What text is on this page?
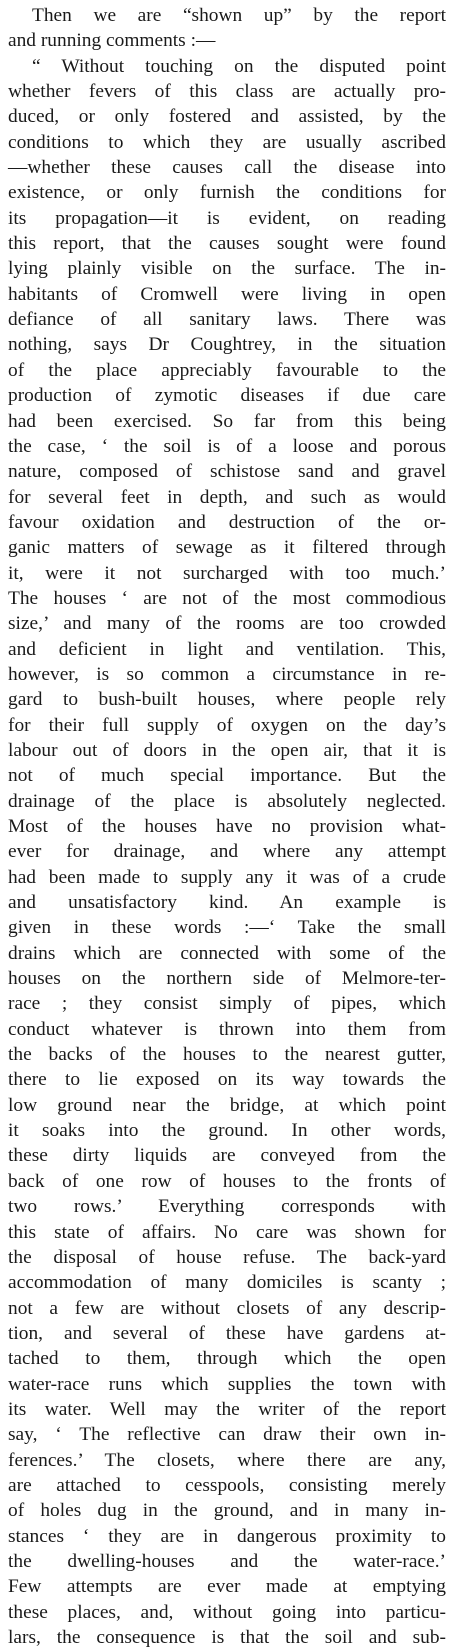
Then we are “shown up” by the report
and running comments :—
“ Without touching on the disputed point
whether fevers of this class are actually pro-
duced, or only fostered and assisted, by the
conditions to which they are usually ascribed
—whether these causes call the disease into
existence, or only furnish the conditions for
its propagation—it is evident, on reading
this report, that the causes sought were found
lying plainly visible on the surface. The in-
habitants of Cromwell were living in open
defiance of all sanitary laws. There was
nothing, says Dr Coughtrey, in the situation
of the place appreciably favourable to the
production of zymotic diseases if due care
had been exercised. So far from this being
the case, ‘ the soil is of a loose and porous
nature, composed of schistose sand and gravel
for several feet in depth, and such as would
favour oxidation and destruction of the or-
ganic matters of sewage as it filtered through
it, were it not surcharged with too much.’
The houses ‘ are not of the most commodious
size,’ and many of the rooms are too crowded
and deficient in light and ventilation. This,
however, is so common a circumstance in re-
gard to bush-built houses, where people rely
for their full supply of oxygen on the day’s
labour out of doors in the open air, that it is
not of much special importance. But the
drainage of the place is absolutely neglected.
Most of the houses have no provision what-
ever for drainage, and where any attempt
had been made to supply any it was of a crude
and unsatisfactory kind. An example is
given in these words :—‘ Take the small
drains which are connected with some of the
houses on the northern side of Melmore-ter-
race ; they consist simply of pipes, which
conduct whatever is thrown into them from
the backs of the houses to the nearest gutter,
there to lie exposed on its way towards the
low ground near the bridge, at which point
it soaks into the ground. In other words,
these dirty liquids are conveyed from the
back of one row of houses to the fronts of
two rows.’ Everything corresponds with
this state of affairs. No care was shown for
the disposal of house refuse. The back-yard
accommodation of many domiciles is scanty ;
not a few are without closets of any descrip-
tion, and several of these have gardens at-
tached to them, through which the open
water-race runs which supplies the town with
its water. Well may the writer of the report
say, ‘ The reflective can draw their own in-
ferences.’ The closets, where there are any,
are attached to cesspools, consisting merely
of holes dug in the ground, and in many in-
stances ‘ they are in dangerous proximity to
the dwelling-houses and the water-race.’
Few attempts are ever made at emptying
these places, and, without going into particu-
lars, the consequence is that the soil and sub-
